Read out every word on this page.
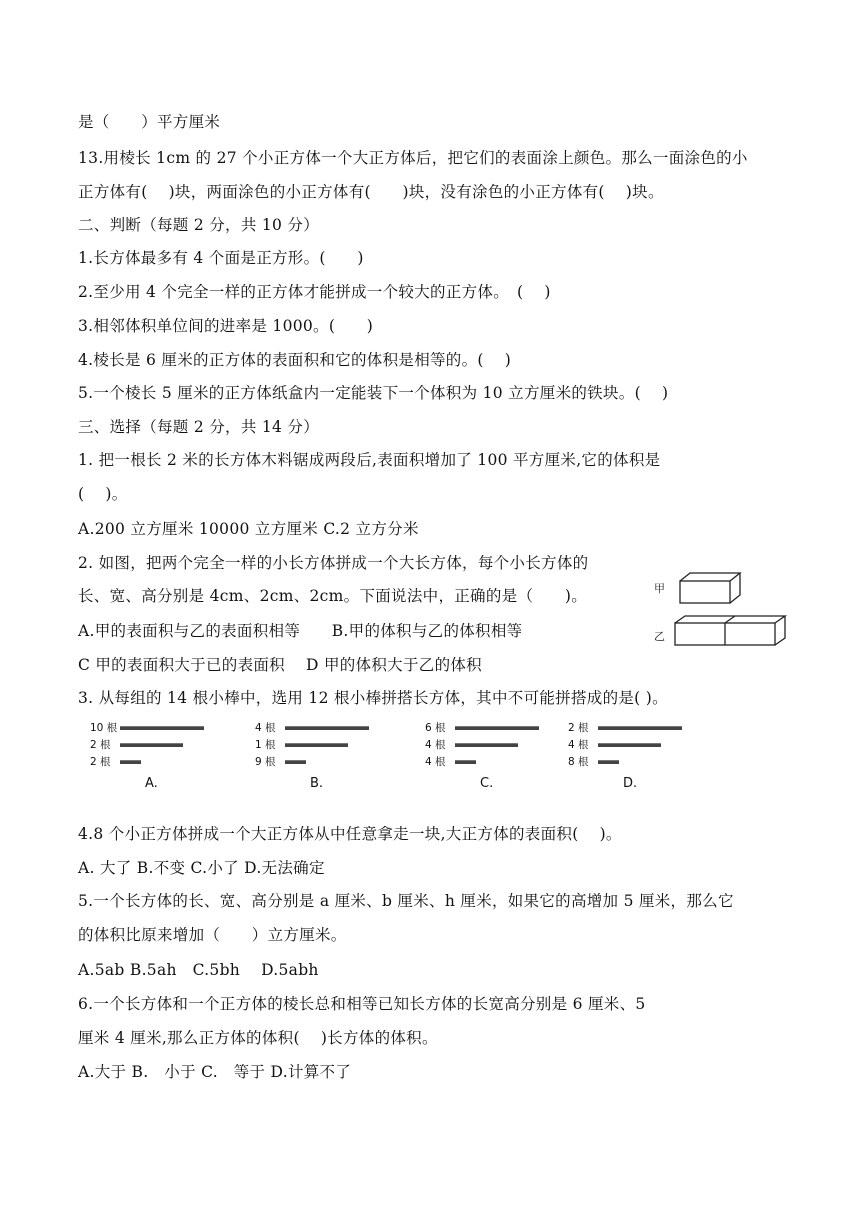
是（　　）平方厘米
13.用棱长 1cm 的 27 个小正方体一个大正方体后，把它们的表面涂上颜色。那么一面涂色的小
正方体有(　 )块，两面涂色的小正方体有(　　)块，没有涂色的小正方体有(　 )块。
二、判断（每题 2 分，共 10 分）
1.长方体最多有 4 个面是正方形。(　　)
2.至少用 4 个完全一样的正方体才能拼成一个较大的正方体。　(　 )
3.相邻体积单位间的进率是 1000。(　　)
4.棱长是 6 厘米的正方体的表面积和它的体积是相等的。(　 )
5.一个棱长 5 厘米的正方体纸盒内一定能装下一个体积为 10 立方厘米的铁块。(　 )
三、选择（每题 2 分，共 14 分）
1. 把一根长 2 米的长方体木料锯成两段后,表面积增加了 100 平方厘米,它的体积是
(　 )。
A.200 立方厘米 10000 立方厘米 C.2 立方分米
2. 如图，把两个完全一样的小长方体拼成一个大长方体，每个小长方体的
长、宽、高分别是 4cm、2cm、2cm。下面说法中，正确的是（　　)。
A.甲的表面积与乙的表面积相等　　B.甲的体积与乙的体积相等
C 甲的表面积大于已的表面积　 D 甲的体积大于乙的体积
3. 从每组的 14 根小棒中，选用 12 根小棒拼搭长方体，其中不可能拼搭成的是( )。
4.8 个小正方体拼成一个大正方体从中任意拿走一块,大正方体的表面积(　 )。
A. 大了 B.不变 C.小了 D.无法确定
5.一个长方体的长、宽、高分别是 a 厘米、b 厘米、h 厘米，如果它的高增加 5 厘米，那么它
的体积比原来增加（　　）立方厘米。
A.5ab B.5ah　C.5bh　 D.5abh
6.一个长方体和一个正方体的棱长总和相等已知长方体的长宽高分别是 6 厘米、5
厘米 4 厘米,那么正方体的体积(　 )长方体的体积。
A.大于 B.　小于 C.　等于 D.计算不了
甲
乙
10 根
2 根
2 根
A.
4 根
1 根
9 根
B.
6 根
4 根
4 根
C.
2 根
4 根
8 根
D.
